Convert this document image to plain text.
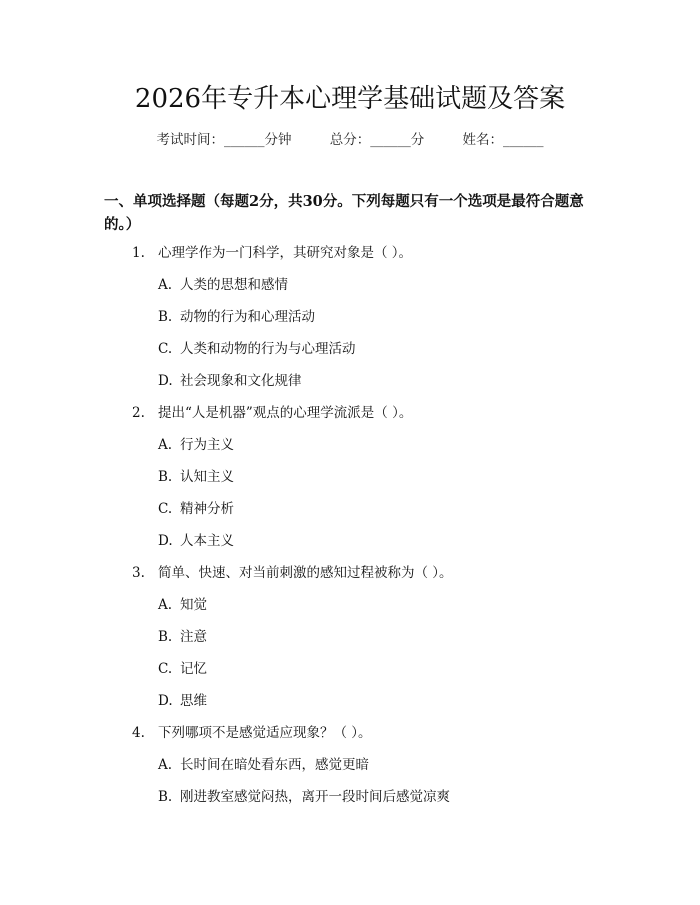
2026年专升本心理学基础试题及答案
考试时间：______分钟	总分：______分	姓名：______
一、单项选择题（每题2分，共30分。下列每题只有一个选项是最符合题意的。）
1. 心理学作为一门科学，其研究对象是（ ）。
A. 人类的思想和感情
B. 动物的行为和心理活动
C. 人类和动物的行为与心理活动
D. 社会现象和文化规律
2. 提出“人是机器”观点的心理学流派是（ ）。
A. 行为主义
B. 认知主义
C. 精神分析
D. 人本主义
3. 简单、快速、对当前刺激的感知过程被称为（ ）。
A. 知觉
B. 注意
C. 记忆
D. 思维
4. 下列哪项不是感觉适应现象？（ ）。
A. 长时间在暗处看东西，感觉更暗
B. 刚进教室感觉闷热，离开一段时间后感觉凉爽
